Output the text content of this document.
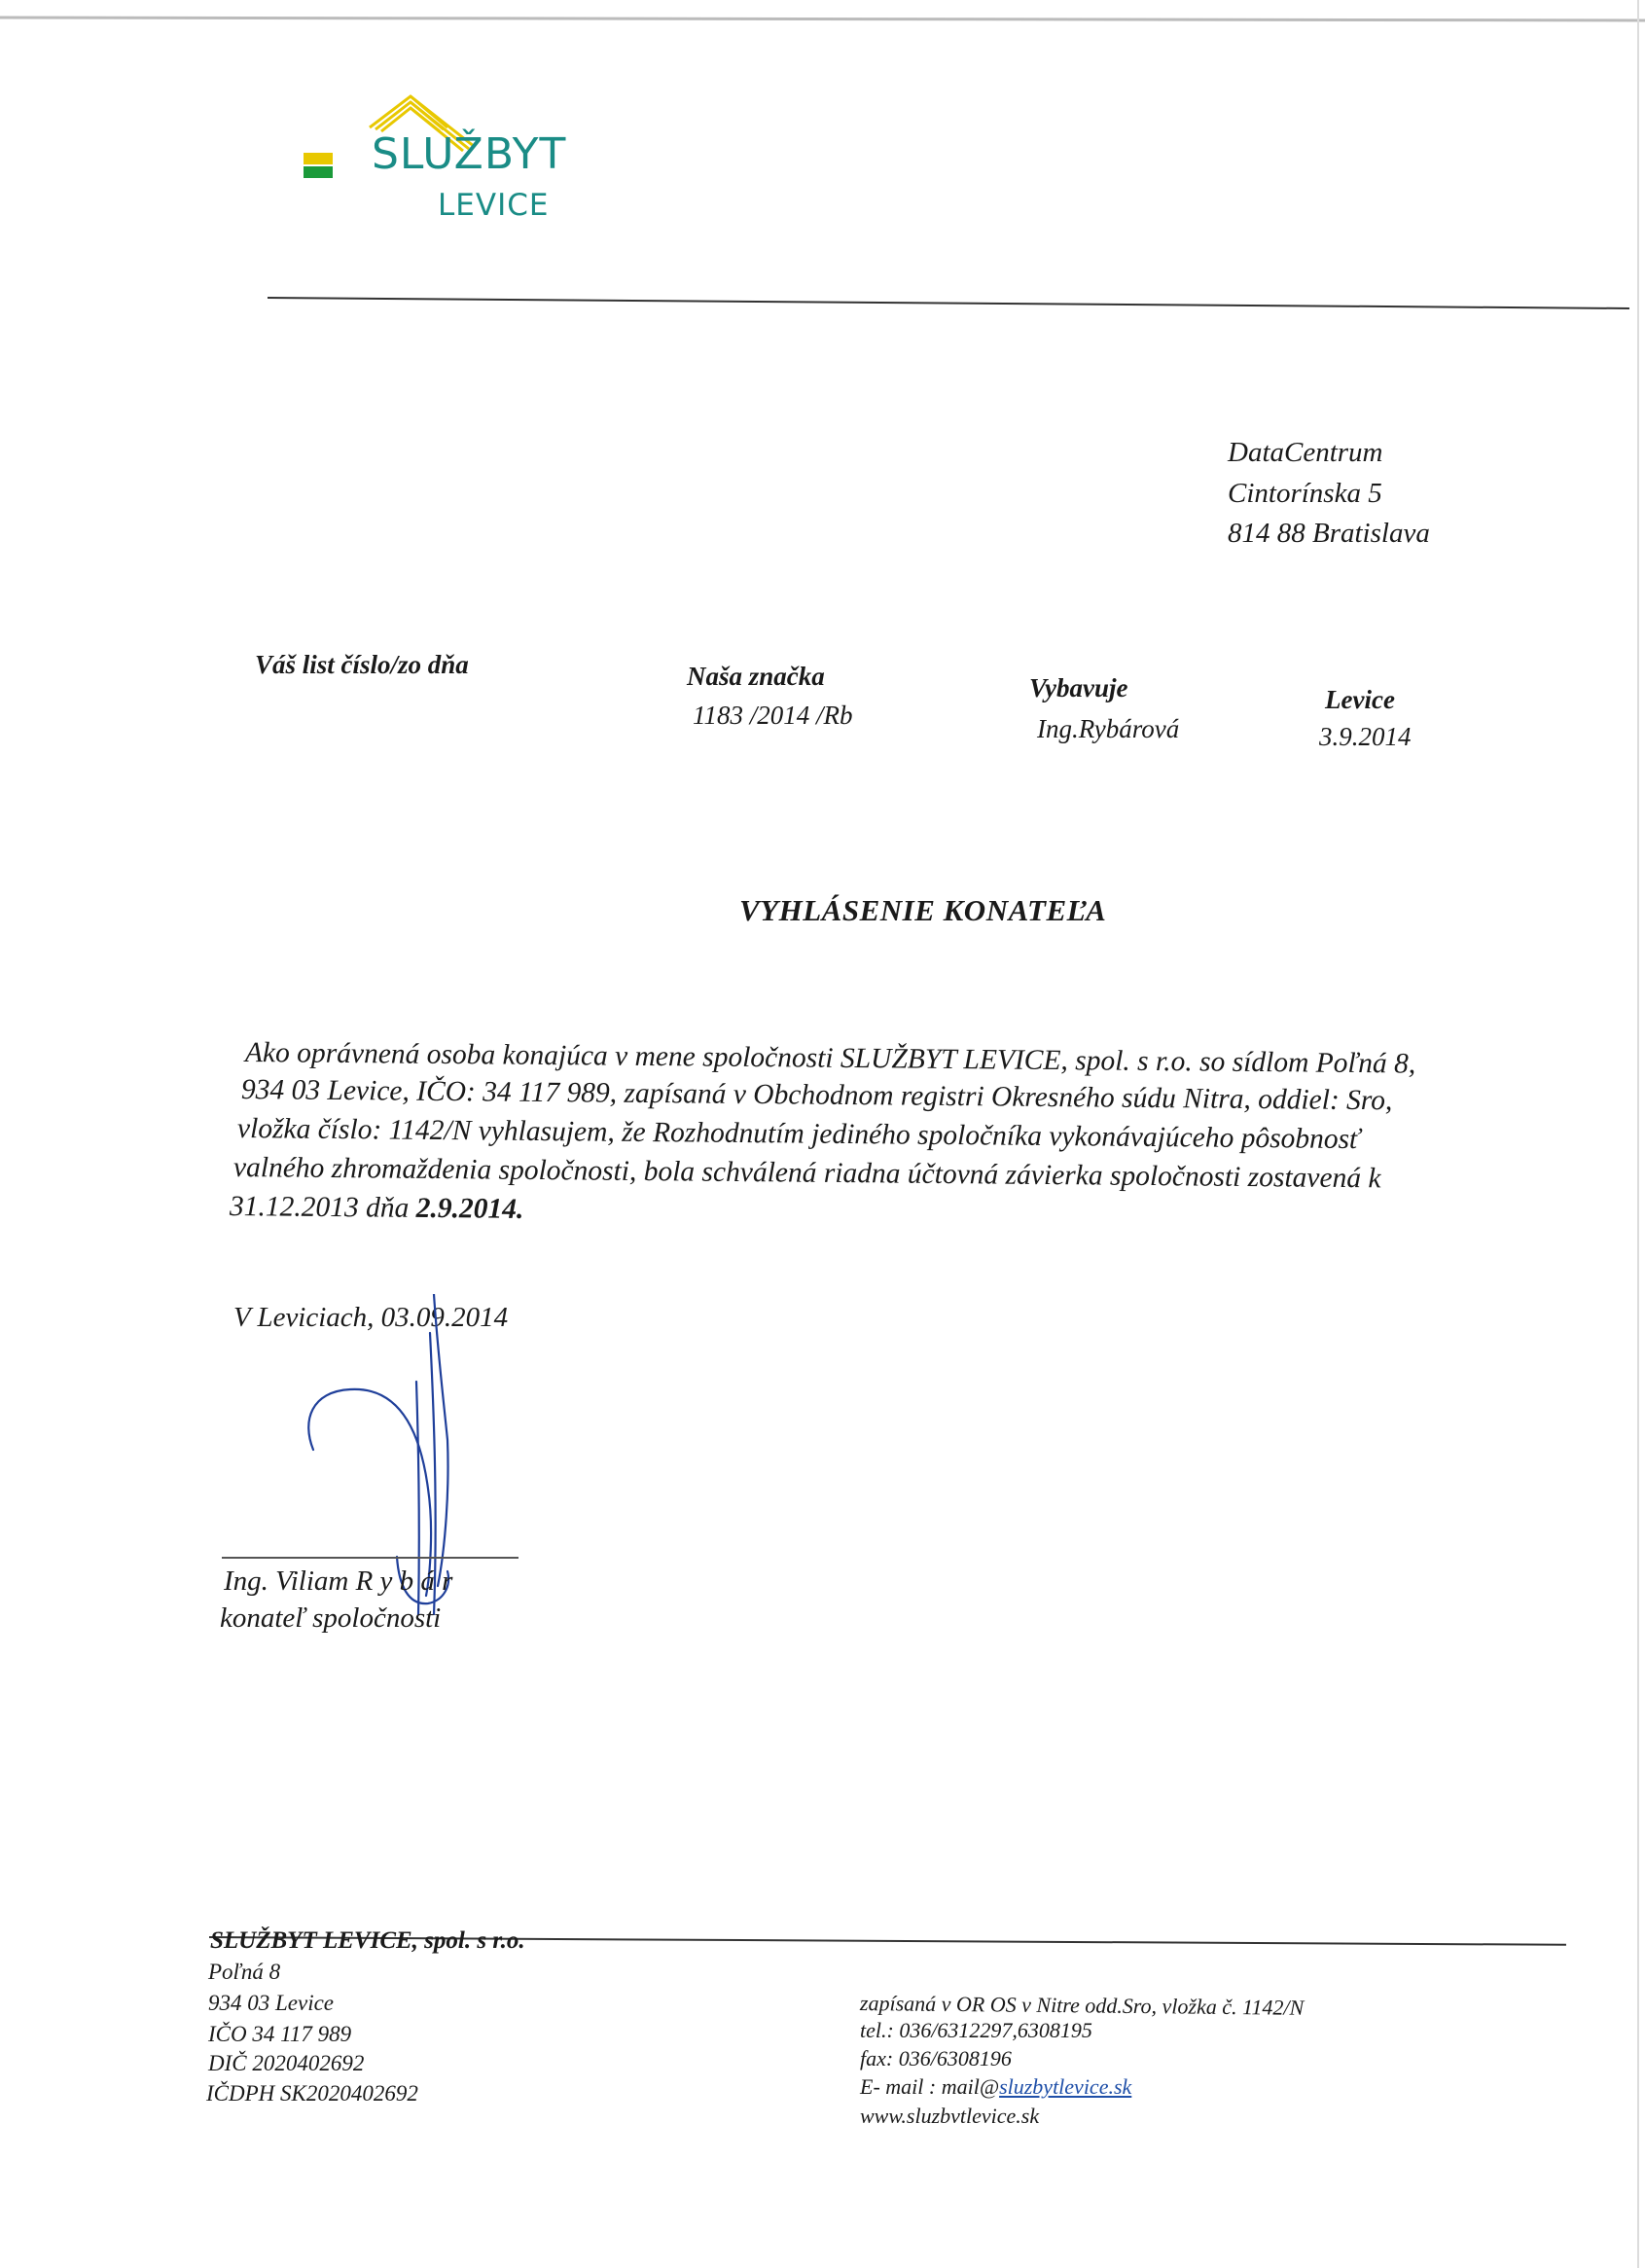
SLUŽBYT
LEVICE
DataCentrum
Cintorínska 5
814 88 Bratislava
Váš list číslo/zo dňa	Naša značka
1183 /2014 /Rb
Vybavuje
Ing.Rybárová
Levice
3.9.2014
VYHLÁSENIE KONATEĽA
Ako oprávnená osoba konajúca v mene spoločnosti SLUŽBYT LEVICE, spol. s r.o. so sídlom Poľná 8,
934 03 Levice, IČO: 34 117 989, zapísaná v Obchodnom registri Okresného súdu Nitra, oddiel: Sro,
vložka číslo: 1142/N vyhlasujem, že Rozhodnutím jediného spoločníka vykonávajúceho pôsobnosť
valného zhromaždenia spoločnosti, bola schválená riadna účtovná závierka spoločnosti zostavená k
31.12.2013 dňa 2.9.2014.
V Leviciach, 03.09.2014
Ing. Viliam R y b á r
konateľ spoločnosti
SLUŽBYT LEVICE, spol. s r.o.
Poľná 8
934 03 Levice
IČO 34 117 989
DIČ 2020402692
IČDPH SK2020402692
zapísaná v OR OS v Nitre odd.Sro, vložka č. 1142/N
tel.: 036/6312297,6308195
fax: 036/6308196
E- mail : mail@sluzbytlevice.sk
www.sluzbvtlevice.sk
